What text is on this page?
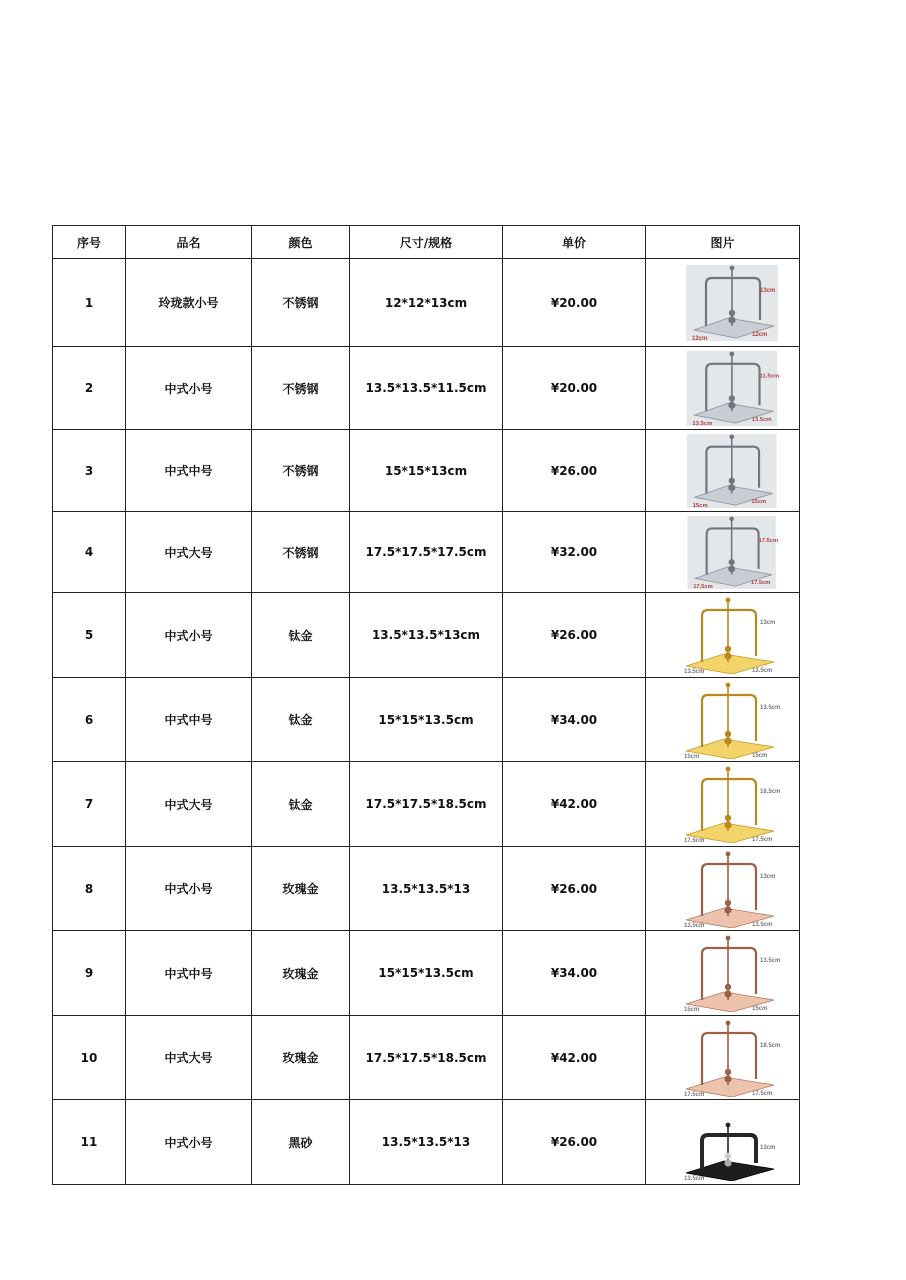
序号	品名	颜色	尺寸/规格	单价	图片
1	玲珑款小号	不锈钢	12*12*13cm	¥20.00	12cm
12cm
13cm

2	中式小号	不锈钢	13.5*13.5*11.5cm	¥20.00	13.5cm
13.5cm
11.5cm

3	中式中号	不锈钢	15*15*13cm	¥26.00	15cm
15cm

4	中式大号	不锈钢	17.5*17.5*17.5cm	¥32.00	17.5cm
17.5cm
17.5cm

5	中式小号	钛金	13.5*13.5*13cm	¥26.00	13.5cm 13.5cm
13cm

6	中式中号	钛金	15*15*13.5cm	¥34.00	15cm 15cm
13.5cm

7	中式大号	钛金	17.5*17.5*18.5cm	¥42.00	17.5cm 17.5cm
18.5cm

8	中式小号	玫瑰金	13.5*13.5*13	¥26.00	13.5cm 13.5cm
13cm

9	中式中号	玫瑰金	15*15*13.5cm	¥34.00	15cm 15cm
13.5cm

10	中式大号	玫瑰金	17.5*17.5*18.5cm	¥42.00	17.5cm 17.5cm
18.5cm

11	中式小号	黑砂	13.5*13.5*13	¥26.00	13.5cm
13cm
